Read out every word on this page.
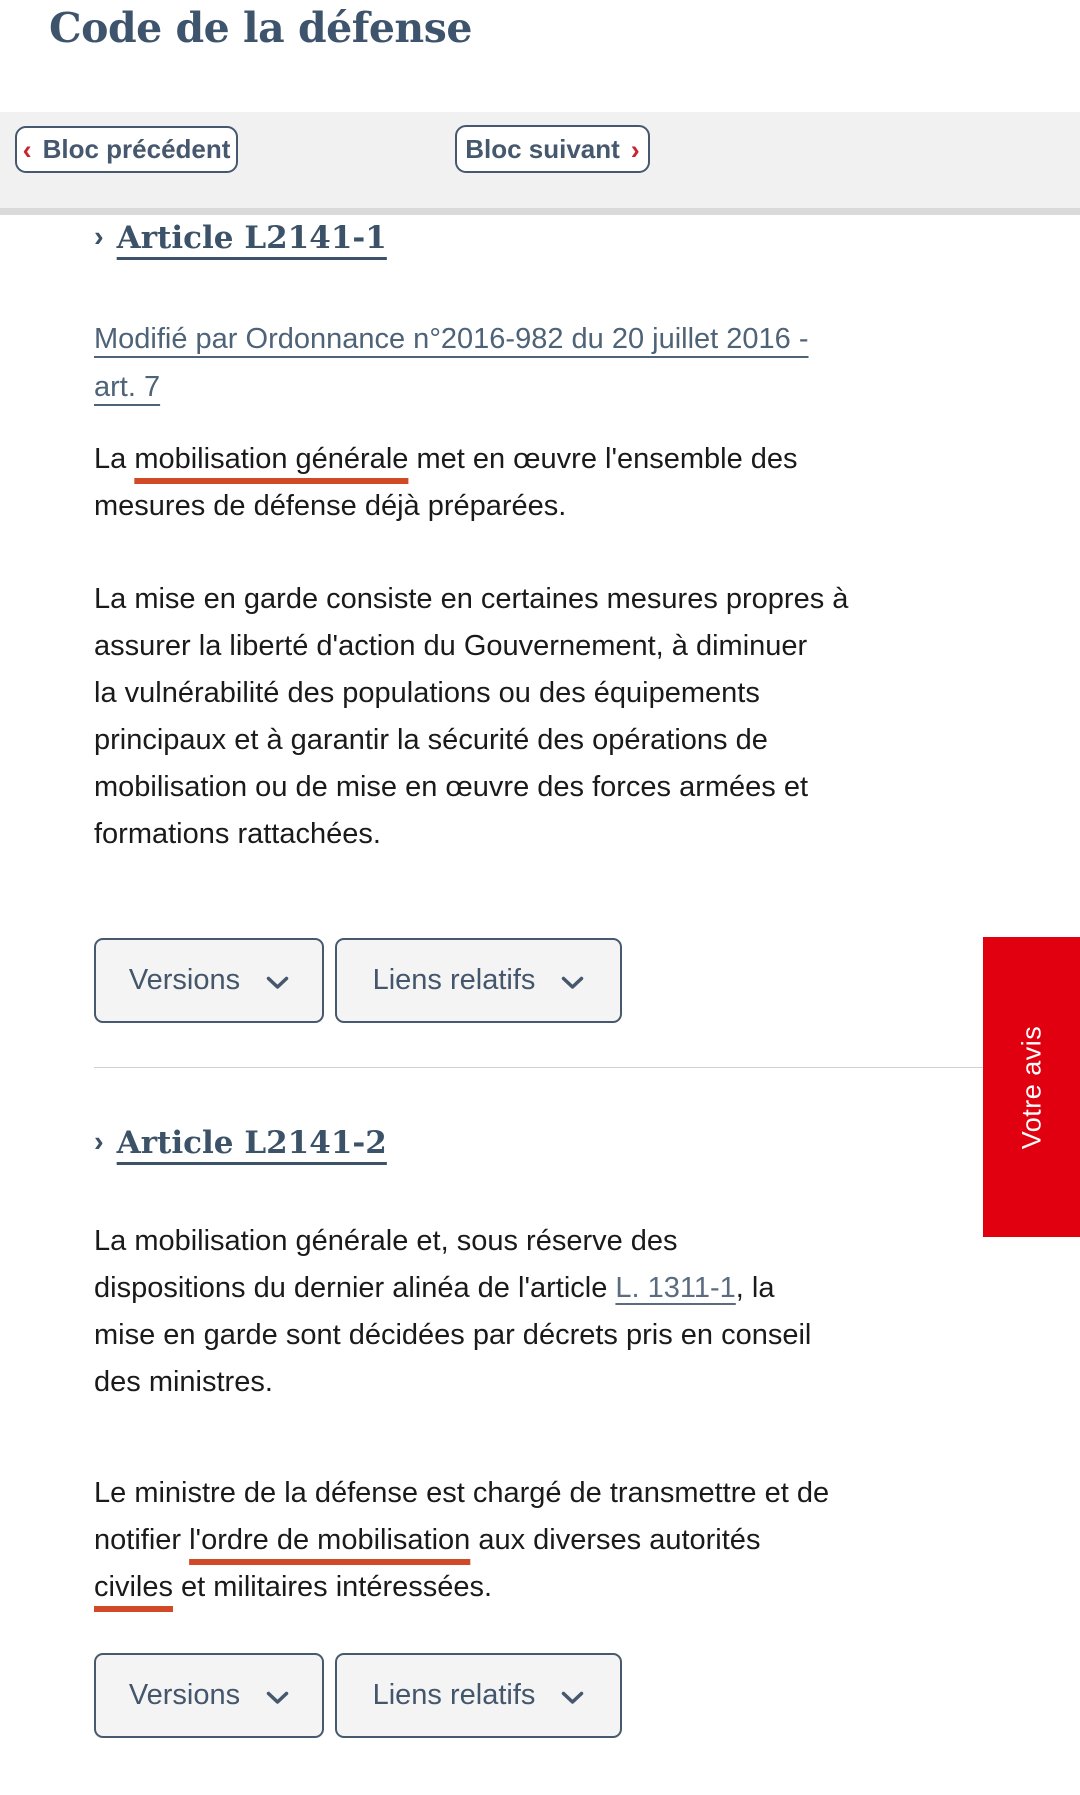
Code de la défense
‹ Bloc précédent	Bloc suivant ›
› Article L2141-1
Modifié par Ordonnance n°2016-982 du 20 juillet 2016 -
art. 7
La mobilisation générale met en œuvre l'ensemble des
mesures de défense déjà préparées.
La mise en garde consiste en certaines mesures propres à
assurer la liberté d'action du Gouvernement, à diminuer
la vulnérabilité des populations ou des équipements
principaux et à garantir la sécurité des opérations de
mobilisation ou de mise en œuvre des forces armées et
formations rattachées.
Versions	Liens relatifs
› Article L2141-2
La mobilisation générale et, sous réserve des
dispositions du dernier alinéa de l'article L. 1311-1, la
mise en garde sont décidées par décrets pris en conseil
des ministres.
Le ministre de la défense est chargé de transmettre et de
notifier l'ordre de mobilisation aux diverses autorités
civiles et militaires intéressées.
Versions	Liens relatifs
Votre avis
